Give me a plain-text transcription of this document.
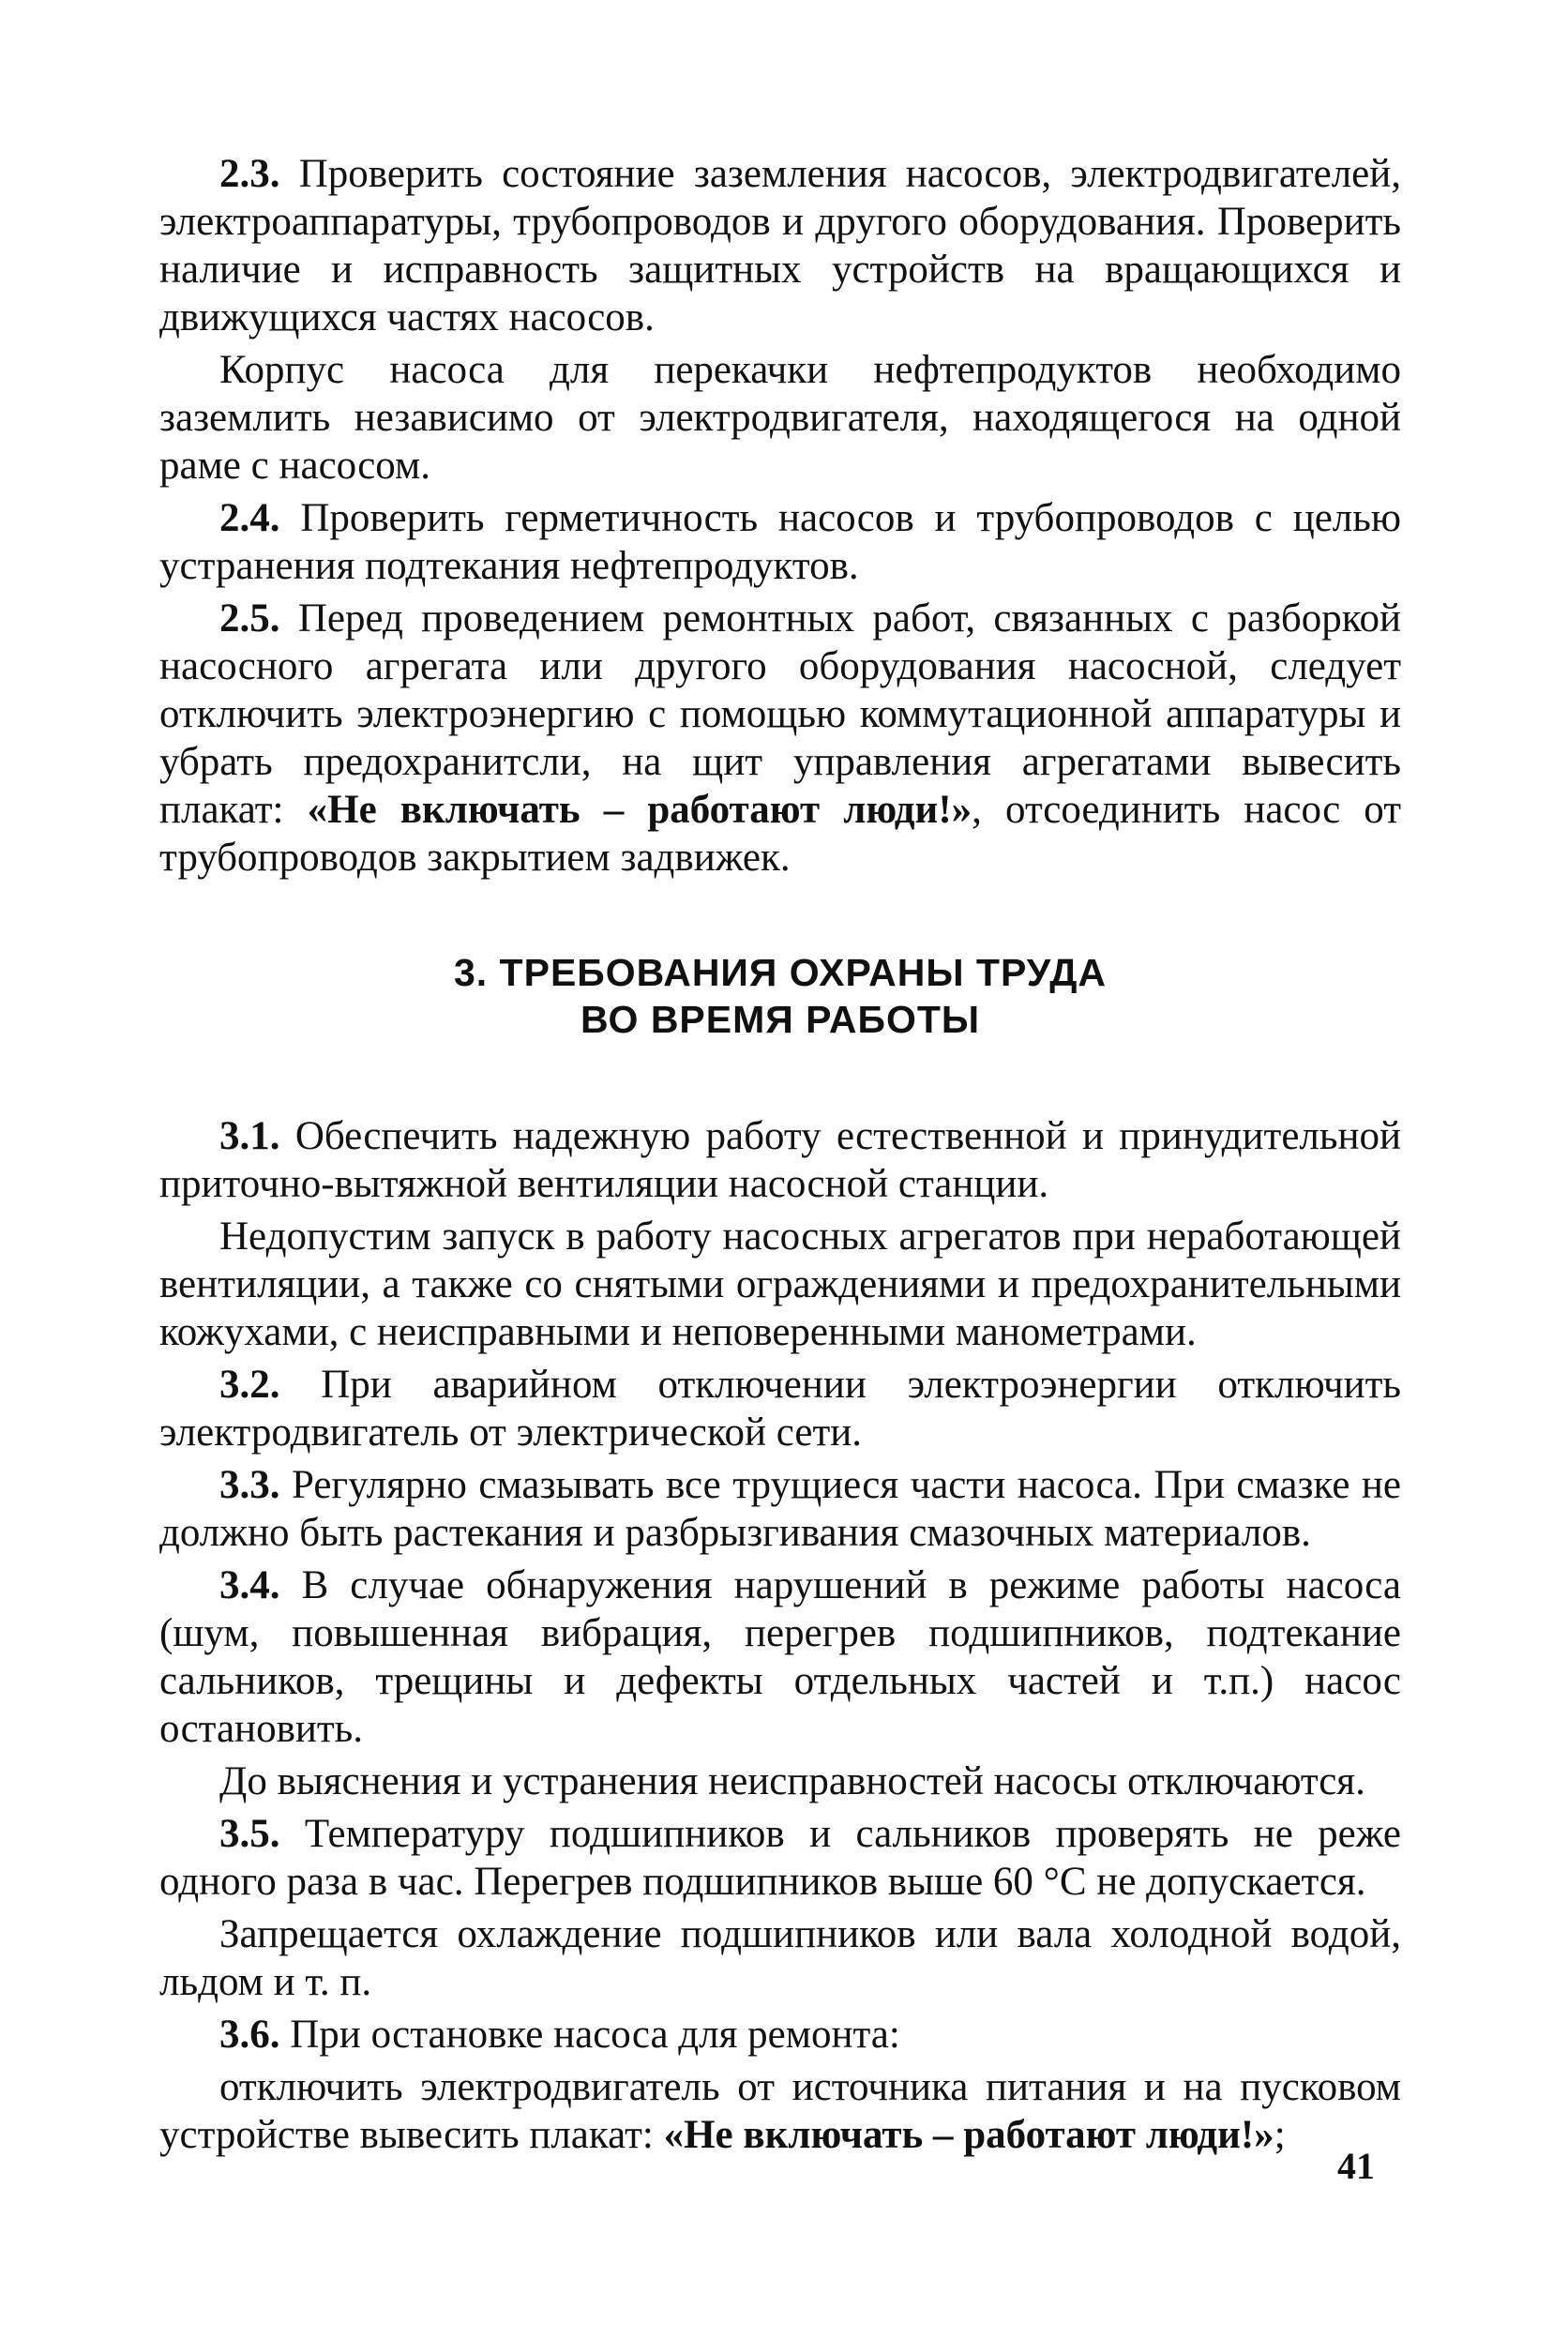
2.3. Проверить состояние заземления насосов, электродвигателей, электроаппаратуры, трубопроводов и другого оборудования. Проверить наличие и исправность защитных устройств на вращающихся и движущихся частях насосов.

Корпус насоса для перекачки нефтепродуктов необходимо заземлить независимо от электродвигателя, находящегося на одной раме с насосом.

2.4. Проверить герметичность насосов и трубопроводов с целью устранения подтекания нефтепродуктов.

2.5. Перед проведением ремонтных работ, связанных с разборкой насосного агрегата или другого оборудования насосной, следует отключить электроэнергию с помощью коммутационной аппаратуры и убрать предохранитсли, на щит управления агрегатами вывесить плакат: «Не включать – работают люди!», отсоединить насос от трубопроводов закрытием задвижек.

3. ТРЕБОВАНИЯ ОХРАНЫ ТРУДА
ВО ВРЕМЯ РАБОТЫ

3.1. Обеспечить надежную работу естественной и принудительной приточно-вытяжной вентиляции насосной станции.

Недопустим запуск в работу насосных агрегатов при неработающей вентиляции, а также со снятыми ограждениями и предохранительными кожухами, с неисправными и неповеренными манометрами.

3.2. При аварийном отключении электроэнергии отключить электродвигатель от электрической сети.

3.3. Регулярно смазывать все трущиеся части насоса. При смазке не должно быть растекания и разбрызгивания смазочных материалов.

3.4. В случае обнаружения нарушений в режиме работы насоса (шум, повышенная вибрация, перегрев подшипников, подтекание сальников, трещины и дефекты отдельных частей и т.п.) насос остановить.

До выяснения и устранения неисправностей насосы отключаются.

3.5. Температуру подшипников и сальников проверять не реже одного раза в час. Перегрев подшипников выше 60 °С не допускается.

Запрещается охлаждение подшипников или вала холодной водой, льдом и т. п.

3.6. При остановке насоса для ремонта:

отключить электродвигатель от источника питания и на пусковом устройстве вывесить плакат: «Не включать – работают люди!»;

41
